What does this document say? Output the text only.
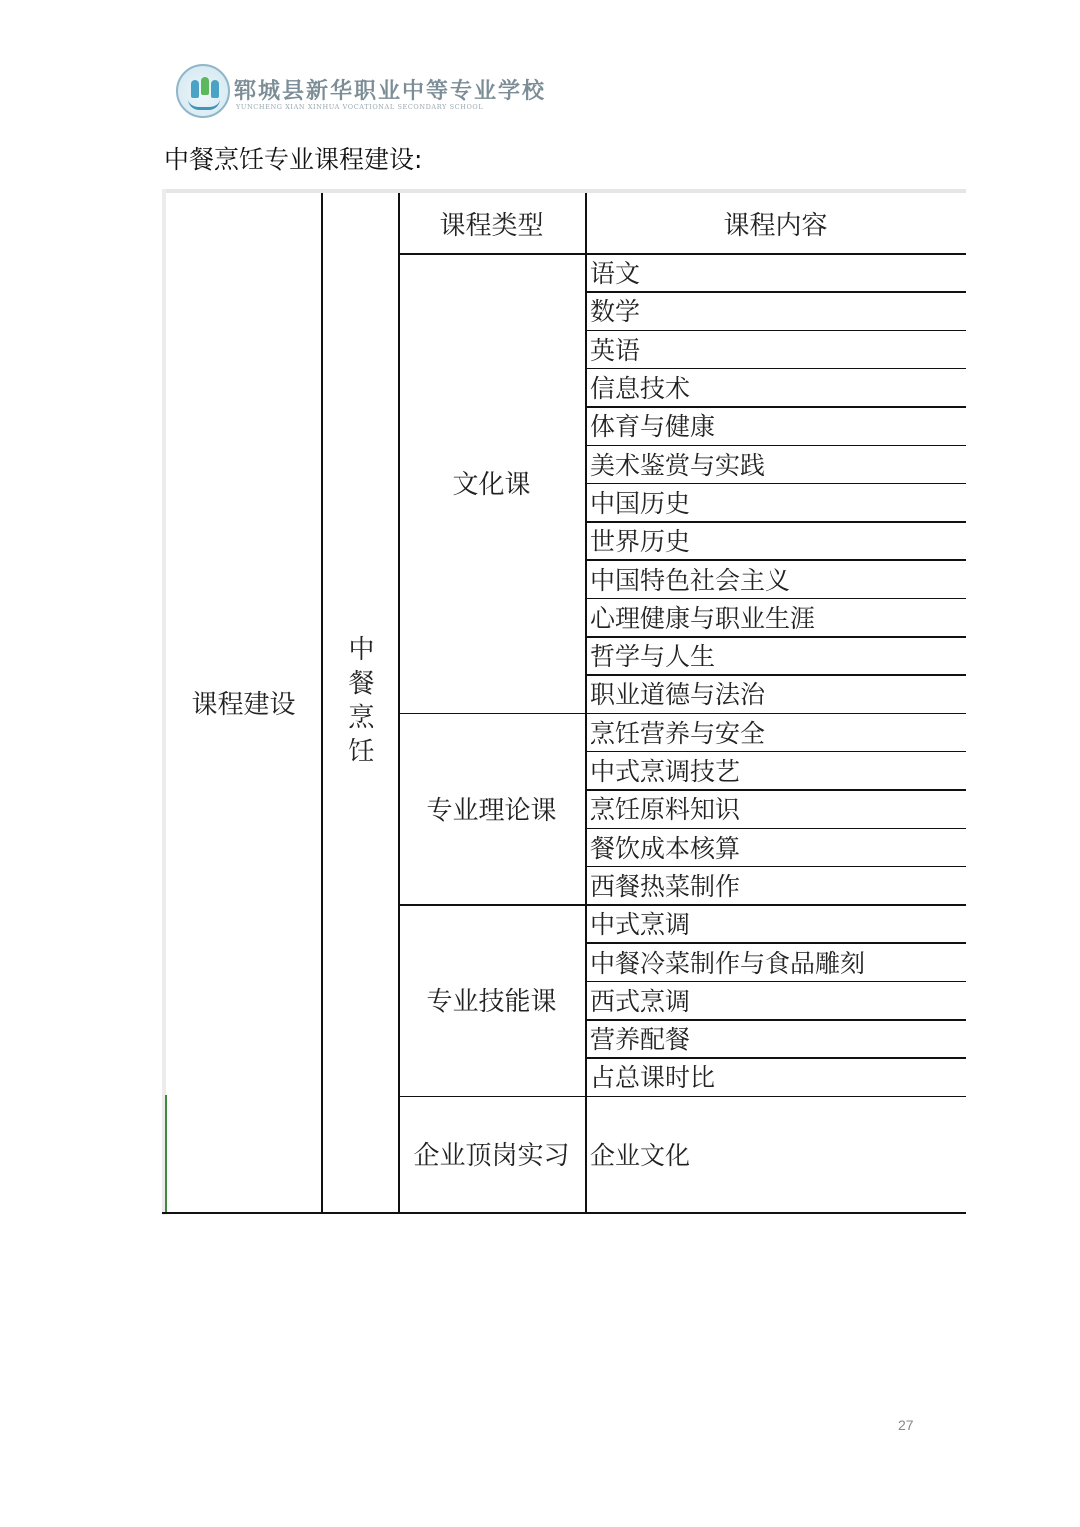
郓城县新华职业中等专业学校
YUNCHENG XIAN XINHUA VOCATIONAL SECONDARY SCHOOL
中餐烹饪专业课程建设:
课程建设	中餐烹饪
课程类型	课程内容
文化课
语文
数学
英语
信息技术
体育与健康
美术鉴赏与实践
中国历史
世界历史
中国特色社会主义
心理健康与职业生涯
哲学与人生
职业道德与法治
专业理论课
烹饪营养与安全
中式烹调技艺
烹饪原料知识
餐饮成本核算
西餐热菜制作
专业技能课
中式烹调
中餐冷菜制作与食品雕刻
西式烹调
营养配餐
占总课时比
企业顶岗实习 企业文化
27
